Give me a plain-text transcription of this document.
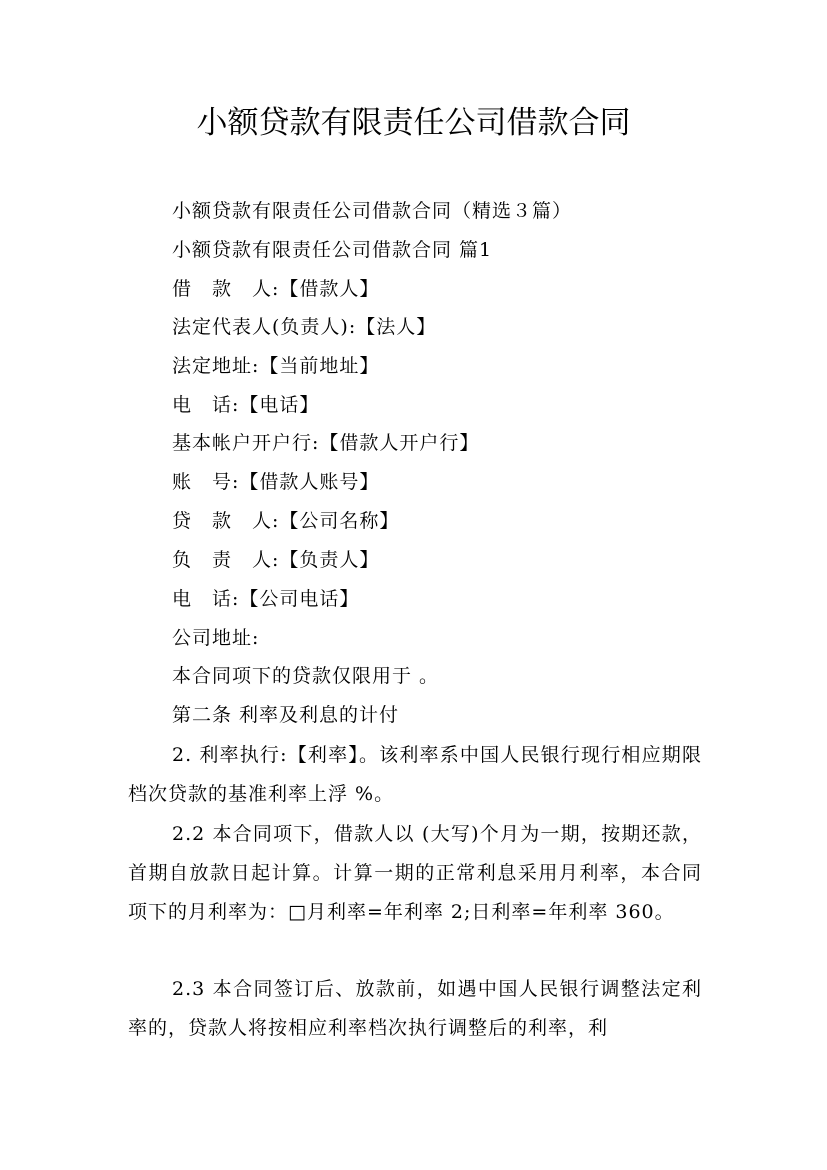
小额贷款有限责任公司借款合同
小额贷款有限责任公司借款合同（精选３篇）
小额贷款有限责任公司借款合同 篇1
借　款　人:【借款人】
法定代表人(负责人):【法人】
法定地址:【当前地址】
电　话:【电话】
基本帐户开户行:【借款人开户行】
账　号:【借款人账号】
贷　款　人:【公司名称】
负　责　人:【负责人】
电　话:【公司电话】
公司地址:
本合同项下的贷款仅限用于 。
第二条 利率及利息的计付

2. 利率执行:【利率】。该利率系中国人民银行现行相应期限档次贷款的基准利率上浮 %。

2.2 本合同项下，借款人以 (大写)个月为一期，按期还款，首期自放款日起计算。计算一期的正常利息采用月利率，本合同项下的月利率为：□月利率=年利率 2;日利率=年利率 360。

2.3 本合同签订后、放款前，如遇中国人民银行调整法定利率的，贷款人将按相应利率档次执行调整后的利率，利
